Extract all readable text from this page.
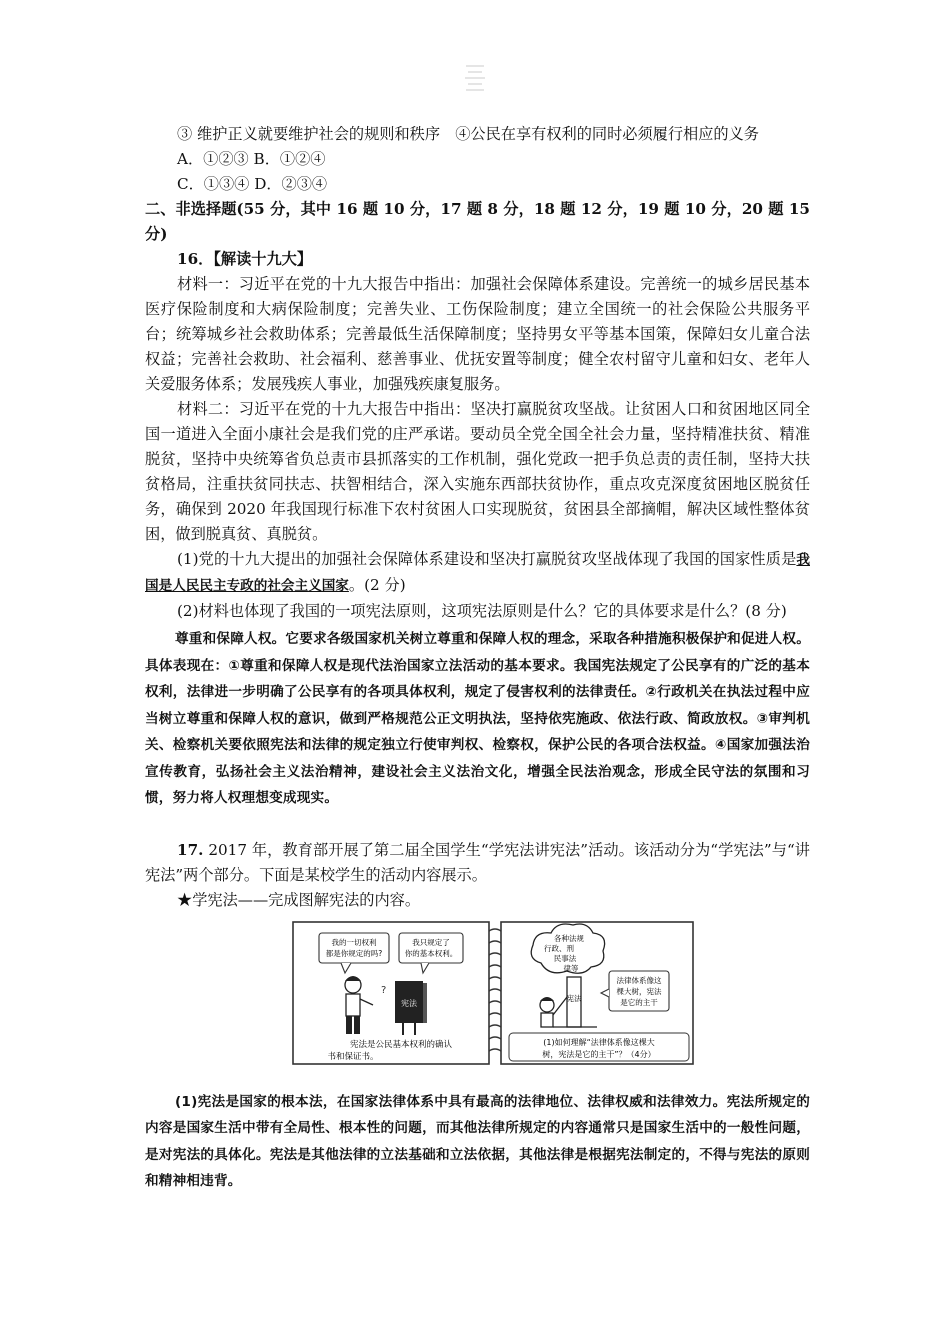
③ 维护正义就要维护社会的规则和秩序　④公民在享有权利的同时必须履行相应的义务

A．①②③ B．①②④

C．①③④ D．②③④

二、非选择题(55 分，其中 16 题 10 分，17 题 8 分，18 题 12 分，19 题 10 分，20 题 15 分)

16．【解读十九大】

材料一：习近平在党的十九大报告中指出：加强社会保障体系建设。完善统一的城乡居民基本医疗保险制度和大病保险制度；完善失业、工伤保险制度；建立全国统一的社会保险公共服务平台；统筹城乡社会救助体系；完善最低生活保障制度；坚持男女平等基本国策，保障妇女儿童合法权益；完善社会救助、社会福利、慈善事业、优抚安置等制度；健全农村留守儿童和妇女、老年人关爱服务体系；发展残疾人事业，加强残疾康复服务。

材料二：习近平在党的十九大报告中指出：坚决打赢脱贫攻坚战。让贫困人口和贫困地区同全国一道进入全面小康社会是我们党的庄严承诺。要动员全党全国全社会力量，坚持精准扶贫、精准脱贫，坚持中央统筹省负总责市县抓落实的工作机制，强化党政一把手负总责的责任制，坚持大扶贫格局，注重扶贫同扶志、扶智相结合，深入实施东西部扶贫协作，重点攻克深度贫困地区脱贫任务，确保到 2020 年我国现行标准下农村贫困人口实现脱贫，贫困县全部摘帽，解决区域性整体贫困，做到脱真贫、真脱贫。

(1)党的十九大提出的加强社会保障体系建设和坚决打赢脱贫攻坚战体现了我国的国家性质是我国是人民民主专政的社会主义国家。(2 分)

(2)材料也体现了我国的一项宪法原则，这项宪法原则是什么？它的具体要求是什么？(8 分)

尊重和保障人权。它要求各级国家机关树立尊重和保障人权的理念，采取各种措施积极保护和促进人权。具体表现在：①尊重和保障人权是现代法治国家立法活动的基本要求。我国宪法规定了公民享有的广泛的基本权利，法律进一步明确了公民享有的各项具体权利，规定了侵害权利的法律责任。②行政机关在执法过程中应当树立尊重和保障人权的意识，做到严格规范公正文明执法，坚持依宪施政、依法行政、简政放权。③审判机关、检察机关要依照宪法和法律的规定独立行使审判权、检察权，保护公民的各项合法权益。④国家加强法治宣传教育，弘扬社会主义法治精神，建设社会主义法治文化，增强全民法治观念，形成全民守法的氛围和习惯，努力将人权理想变成现实。

17. 2017 年，教育部开展了第二届全国学生“学宪法讲宪法”活动。该活动分为“学宪法”与“讲宪法”两个部分。下面是某校学生的活动内容展示。

★学宪法——完成图解宪法的内容。

我的一切权利
都是你规定的吗?
我只规定了
你的基本权利。
?
宪法
宪法是公民基本权利的确认
书和保证书。
各种法规
行政、刑
民事法
律等
宪法
法律体系像这
棵大树，宪法
是它的主干
(1)如何理解“法律体系像这棵大
树，宪法是它的主干”？（4分）

(1)宪法是国家的根本法，在国家法律体系中具有最高的法律地位、法律权威和法律效力。宪法所规定的内容是国家生活中带有全局性、根本性的问题，而其他法律所规定的内容通常只是国家生活中的一般性问题，是对宪法的具体化。宪法是其他法律的立法基础和立法依据，其他法律是根据宪法制定的，不得与宪法的原则和精神相违背。
